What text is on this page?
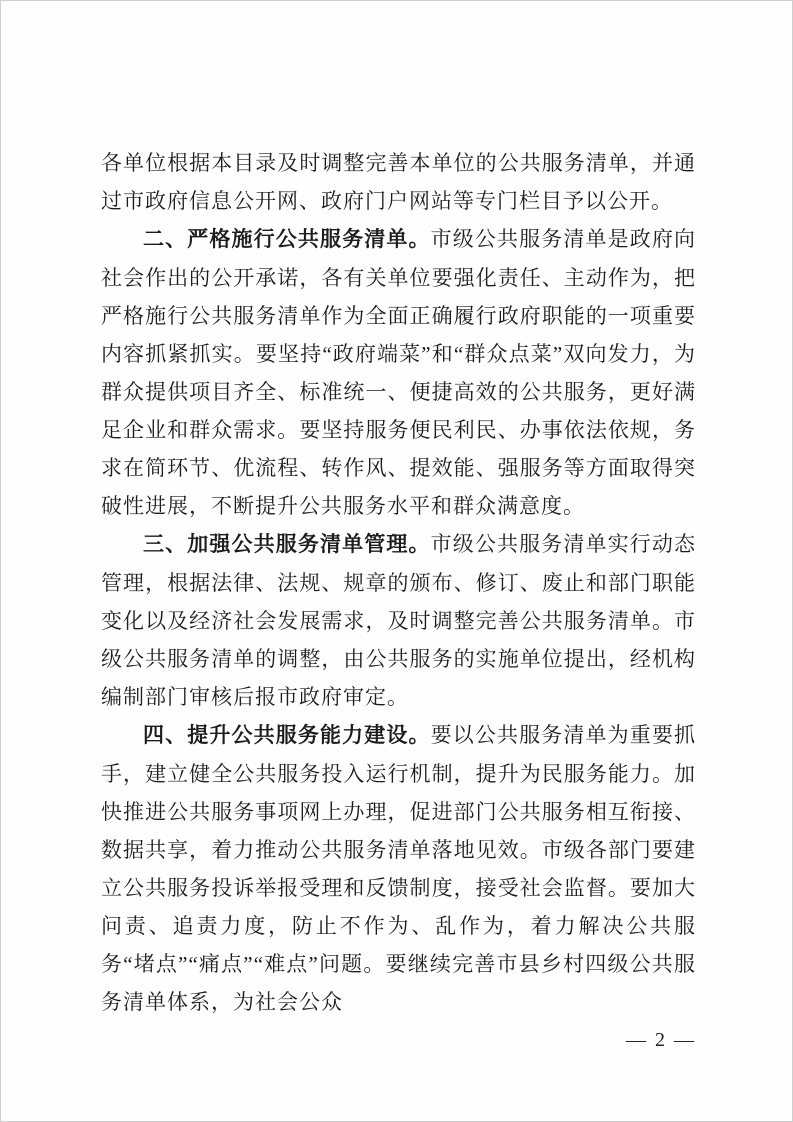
各单位根据本目录及时调整完善本单位的公共服务清单，并通过市政府信息公开网、政府门户网站等专门栏目予以公开。

二、严格施行公共服务清单。市级公共服务清单是政府向社会作出的公开承诺，各有关单位要强化责任、主动作为，把严格施行公共服务清单作为全面正确履行政府职能的一项重要内容抓紧抓实。要坚持“政府端菜”和“群众点菜”双向发力，为群众提供项目齐全、标准统一、便捷高效的公共服务，更好满足企业和群众需求。要坚持服务便民利民、办事依法依规，务求在简环节、优流程、转作风、提效能、强服务等方面取得突破性进展，不断提升公共服务水平和群众满意度。

三、加强公共服务清单管理。市级公共服务清单实行动态管理，根据法律、法规、规章的颁布、修订、废止和部门职能变化以及经济社会发展需求，及时调整完善公共服务清单。市级公共服务清单的调整，由公共服务的实施单位提出，经机构编制部门审核后报市政府审定。

四、提升公共服务能力建设。要以公共服务清单为重要抓手，建立健全公共服务投入运行机制，提升为民服务能力。加快推进公共服务事项网上办理，促进部门公共服务相互衔接、数据共享，着力推动公共服务清单落地见效。市级各部门要建立公共服务投诉举报受理和反馈制度，接受社会监督。要加大问责、追责力度，防止不作为、乱作为，着力解决公共服务“堵点”“痛点”“难点”问题。要继续完善市县乡村四级公共服务清单体系，为社会公众

— 2 —
